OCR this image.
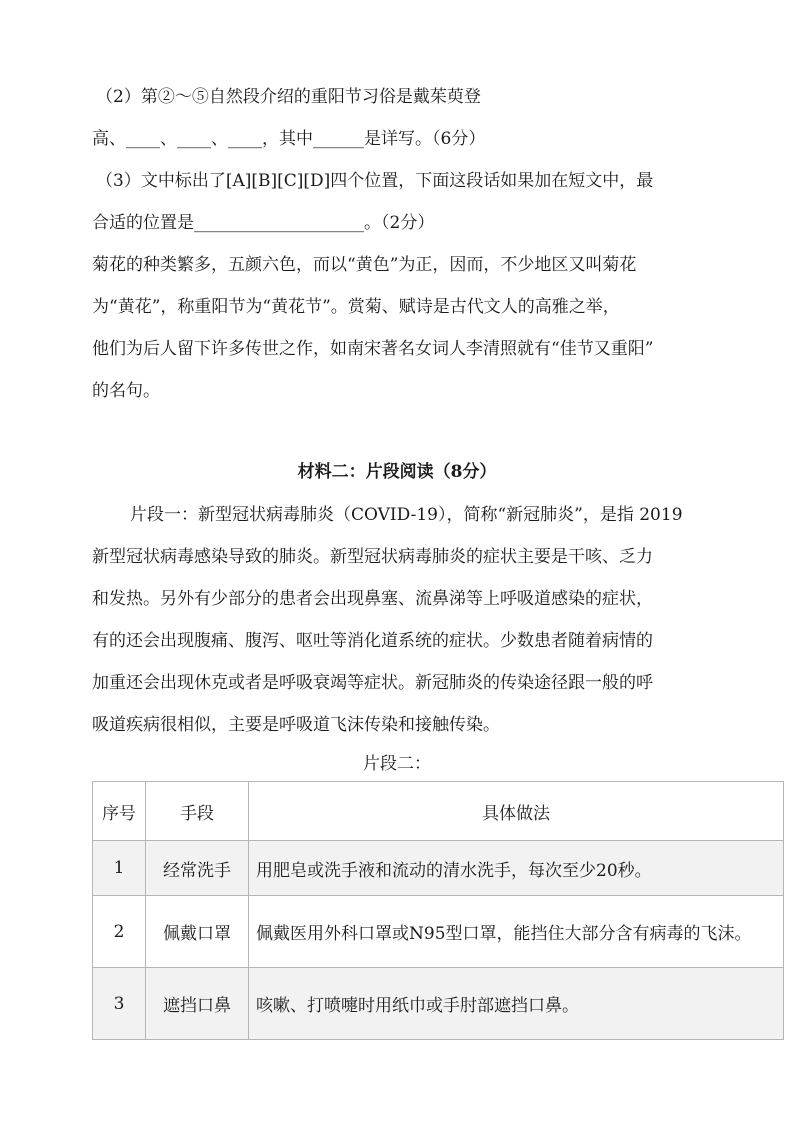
（2）第②～⑤自然段介绍的重阳节习俗是戴茱萸登
高、____、____、____，其中______是详写。（6分）
（3）文中标出了[A][B][C][D]四个位置，下面这段话如果加在短文中，最
合适的位置是____________________。（2分）
菊花的种类繁多，五颜六色，而以“黄色”为正，因而，不少地区又叫菊花
为“黄花”，称重阳节为“黄花节”。赏菊、赋诗是古代文人的高雅之举，
他们为后人留下许多传世之作，如南宋著名女词人李清照就有“佳节又重阳”
的名句。
材料二：片段阅读（8分）
片段一：新型冠状病毒肺炎（COVID-19），简称“新冠肺炎”，是指 2019
新型冠状病毒感染导致的肺炎。新型冠状病毒肺炎的症状主要是干咳、乏力
和发热。另外有少部分的患者会出现鼻塞、流鼻涕等上呼吸道感染的症状，
有的还会出现腹痛、腹泻、呕吐等消化道系统的症状。少数患者随着病情的
加重还会出现休克或者是呼吸衰竭等症状。新冠肺炎的传染途径跟一般的呼
吸道疾病很相似，主要是呼吸道飞沫传染和接触传染。
片段二：
序号	手段	具体做法
1	经常洗手	用肥皂或洗手液和流动的清水洗手，每次至少20秒。
2	佩戴口罩	佩戴医用外科口罩或N95型口罩，能挡住大部分含有病毒的飞沫。
3	遮挡口鼻	咳嗽、打喷嚏时用纸巾或手肘部遮挡口鼻。
